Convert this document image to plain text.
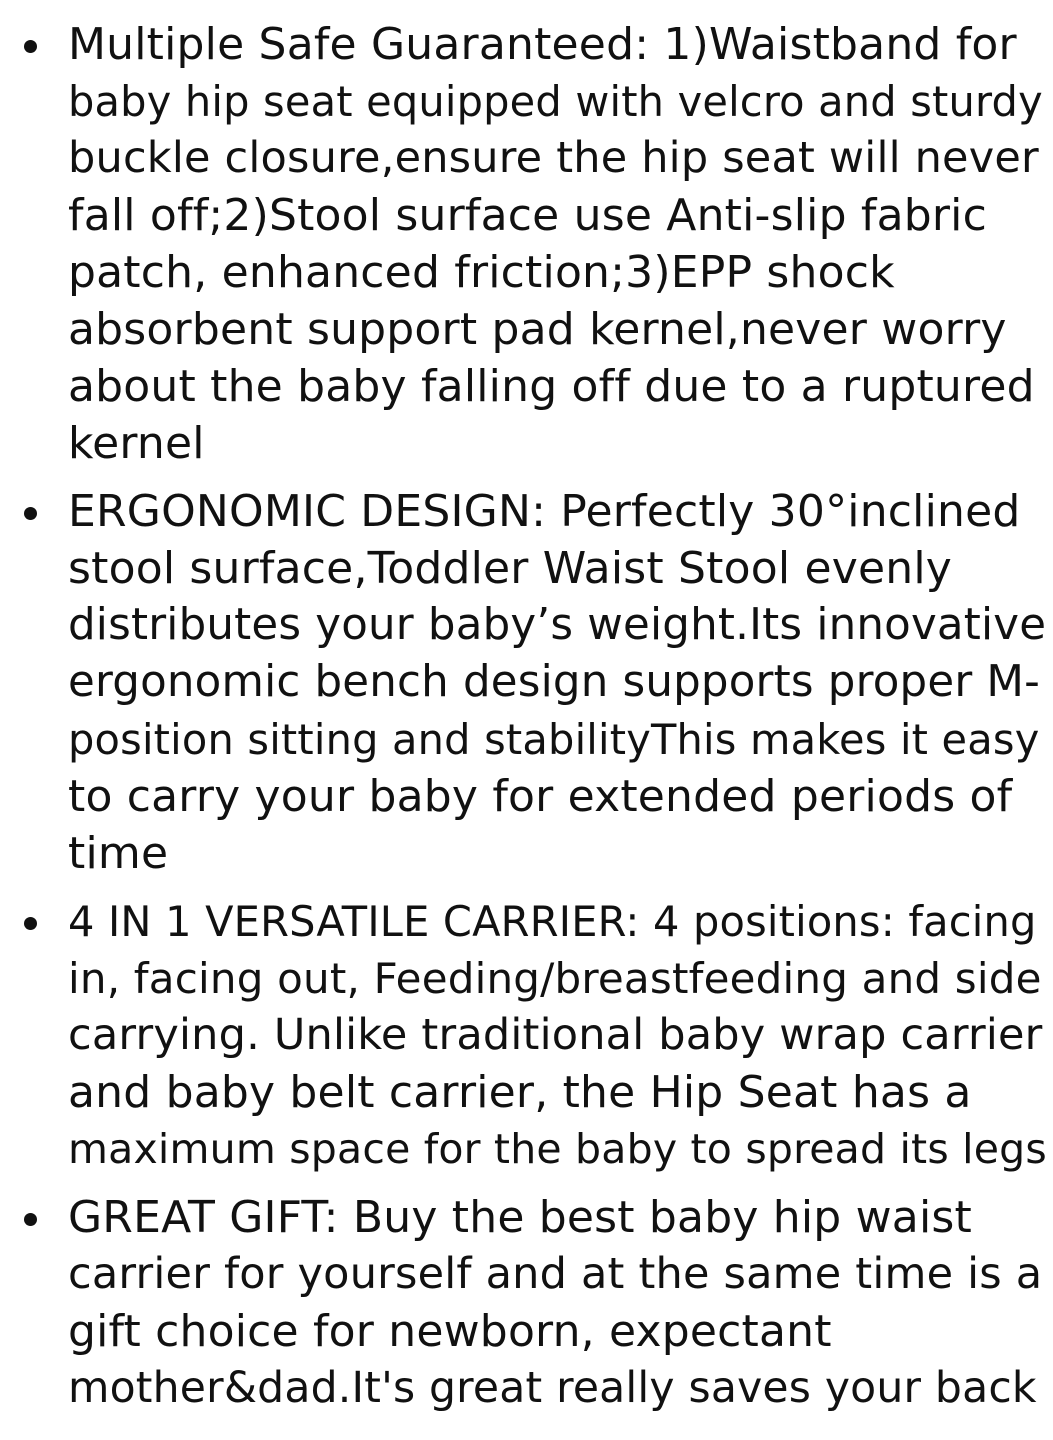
Multiple Safe Guaranteed: 1)Waistband for
baby hip seat equipped with velcro and sturdy
buckle closure,ensure the hip seat will never
fall off;2)Stool surface use Anti-slip fabric
patch, enhanced friction;3)EPP shock
absorbent support pad kernel,never worry
about the baby falling off due to a ruptured
kernel
ERGONOMIC DESIGN: Perfectly 30°inclined
stool surface,Toddler Waist Stool evenly
distributes your baby’s weight.Its innovative
ergonomic bench design supports proper M-
position sitting and stabilityThis makes it easy
to carry your baby for extended periods of
time
4 IN 1 VERSATILE CARRIER: 4 positions: facing
in, facing out, Feeding/breastfeeding and side
carrying. Unlike traditional baby wrap carrier
and baby belt carrier, the Hip Seat has a
maximum space for the baby to spread its legs
GREAT GIFT: Buy the best baby hip waist
carrier for yourself and at the same time is a
gift choice for newborn, expectant
mother&dad.It's great really saves your back
